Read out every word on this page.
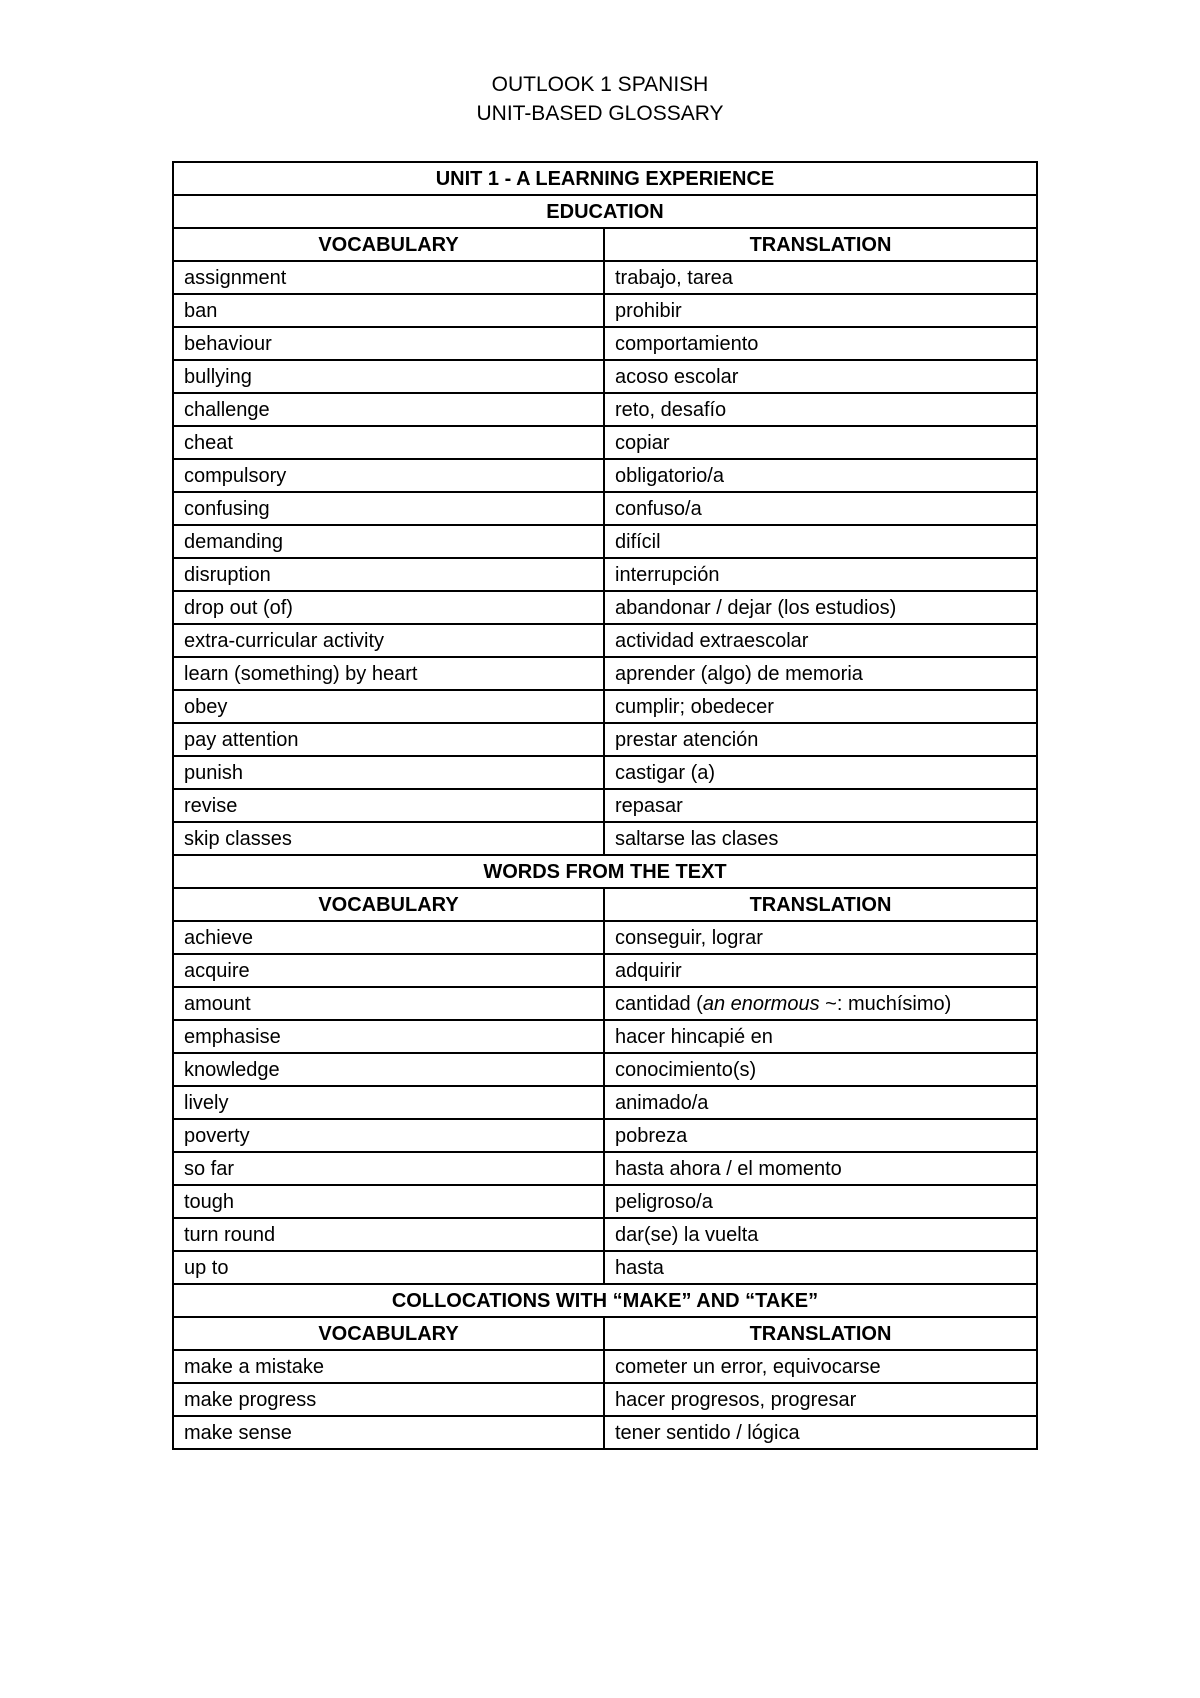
OUTLOOK 1 SPANISH
UNIT-BASED GLOSSARY
UNIT 1 - A LEARNING EXPERIENCE	
EDUCATION	
VOCABULARY	TRANSLATION
assignment	trabajo, tarea
ban	prohibir
behaviour	comportamiento
bullying	acoso escolar
challenge	reto, desafío
cheat	copiar
compulsory	obligatorio/a
confusing	confuso/a
demanding	difícil
disruption	interrupción
drop out (of)	abandonar / dejar (los estudios)
extra-curricular activity	actividad extraescolar
learn (something) by heart	aprender (algo) de memoria
obey	cumplir; obedecer
pay attention	prestar atención
punish	castigar (a)
revise	repasar
skip classes	saltarse las clases
WORDS FROM THE TEXT	
VOCABULARY	TRANSLATION
achieve	conseguir, lograr
acquire	adquirir
amount	cantidad (an enormous ~: muchísimo)
emphasise	hacer hincapié en
knowledge	conocimiento(s)
lively	animado/a
poverty	pobreza
so far	hasta ahora / el momento
tough	peligroso/a
turn round	dar(se) la vuelta
up to	hasta
COLLOCATIONS WITH “MAKE” AND “TAKE”	
VOCABULARY	TRANSLATION
make a mistake	cometer un error, equivocarse
make progress	hacer progresos, progresar
make sense	tener sentido / lógica
